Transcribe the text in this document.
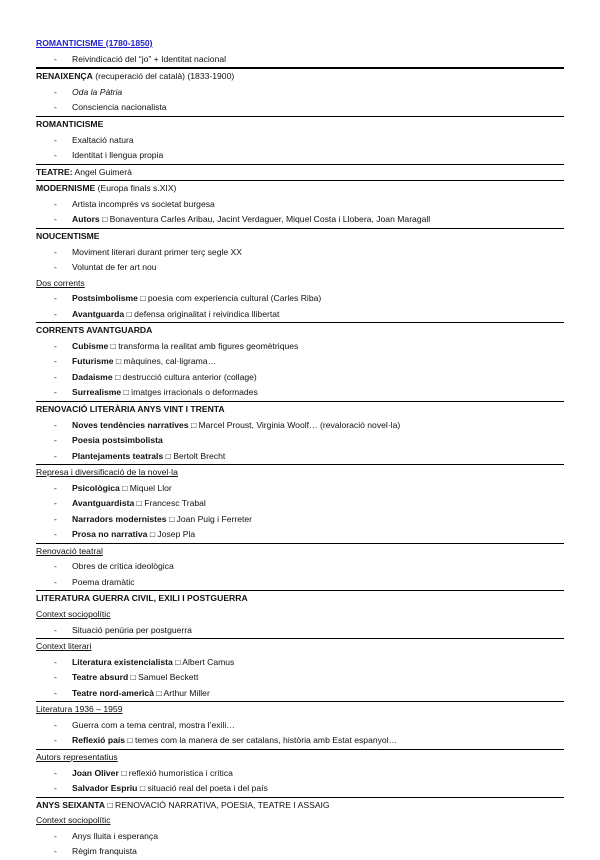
ROMANTICISME (1780-1850)
- Reivindicació del “jo” + Identitat nacional
RENAIXENÇA (recuperació del català) (1833-1900)
- Oda la Pàtria
- Consciencia nacionalista
ROMANTICISME
- Exaltació natura
- Identitat i llengua propia
TEATRE: Angel Guimerà
MODERNISME (Europa finals s.XIX)
- Artista incomprés vs societat burgesa
- Autors □ Bonaventura Carles Aribau, Jacint Verdaguer, Miquel Costa i Llobera, Joan Maragall
NOUCENTISME
- Moviment literari durant primer terç segle XX
- Voluntat de fer art nou
Dos corrents
- Postsimbolisme □ poesia com experiencia cultural (Carles Riba)
- Avantguarda □ defensa originalitat i reivindica llibertat
CORRENTS AVANTGUARDA
- Cubisme □ transforma la realitat amb figures geomètriques
- Futurisme □ màquines, cal·ligrama…
- Dadaisme □ destrucció cultura anterior (collage)
- Surrealisme □ imatges irracionals o deformades
RENOVACIÓ LITERÀRIA ANYS VINT I TRENTA
- Noves tendències narratives □ Marcel Proust, Virginia Woolf… (revaloració novel·la)
- Poesia postsimbolista
- Plantejaments teatrals □ Bertolt Brecht
Represa i diversificació de la novel·la
- Psicològica □ Miquel Llor
- Avantguardista □ Francesc Trabal
- Narradors modernistes □ Joan Puig i Ferreter
- Prosa no narrativa □ Josep Pla
Renovació teatral
- Obres de crítica ideològica
- Poema dramàtic
LITERATURA GUERRA CIVIL, EXILI I POSTGUERRA
Context sociopolític
- Situació penúria per postguerra
Context literari
- Literatura existencialista □ Albert Camus
- Teatre absurd □ Samuel Beckett
- Teatre nord-americà □ Arthur Miller
Literatura 1936 – 1959
- Guerra com a tema central, mostra l’exili…
- Reflexió país □ temes com la manera de ser catalans, història amb Estat espanyol…
Autors representatius
- Joan Oliver □ reflexió humorística i crítica
- Salvador Espriu □ situació real del poeta i del país
ANYS SEIXANTA □ RENOVACIÓ NARRATIVA, POESIA, TEATRE I ASSAIG
Context sociopolític
- Anys lluita i esperança
- Règim franquista
